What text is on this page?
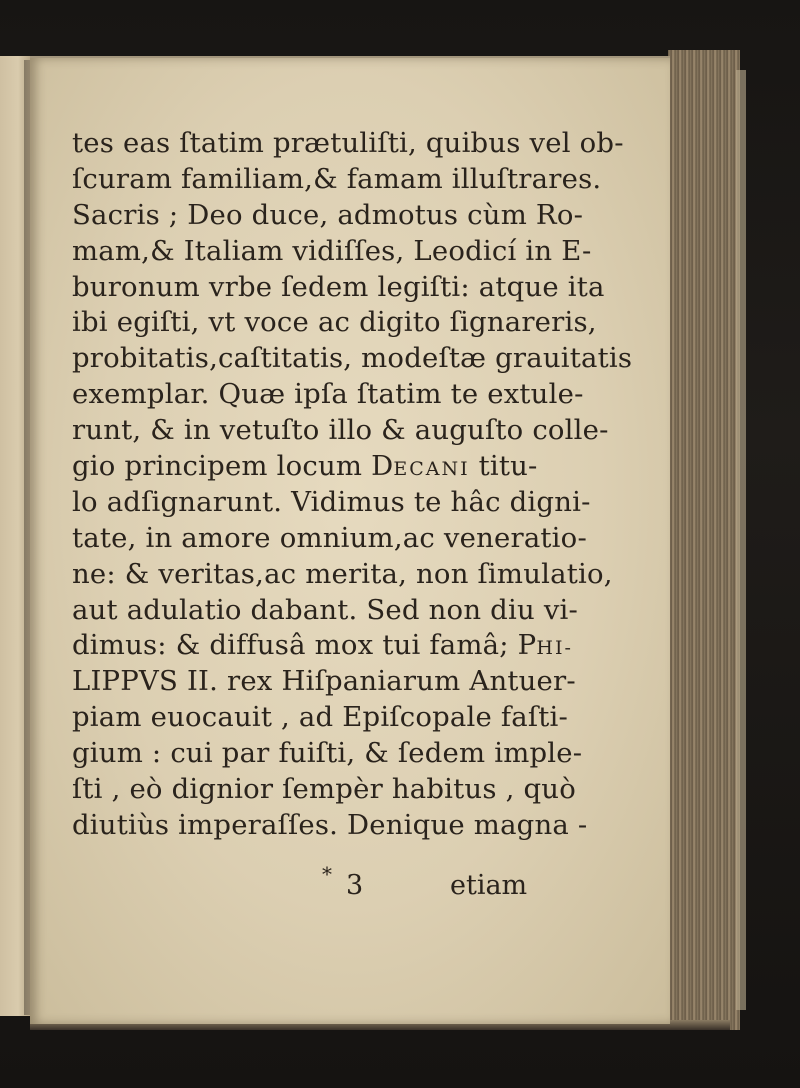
tes eas ſtatim prætuliſti, quibus vel ob-
ſcuram familiam,& famam illuſtrares.
Sacris ; Deo duce, admotus cùm Ro-
mam,& Italiam vidiſſes, Leodicí in E-
buronum vrbe ſedem legiſti: atque ita
ibi egiſti, vt voce ac digito ſignareris,
probitatis,caſtitatis, modeſtæ grauitatis
exemplar. Quæ ipſa ſtatim te extule-
runt, & in vetuſto illo & auguſto colle-
gio principem locum DECANI titu-
lo adſignarunt. Vidimus te hâc digni-
tate, in amore omnium,ac veneratio-
ne: & veritas,ac merita, non ſimulatio,
aut adulatio dabant. Sed non diu vi-
dimus: & diffusâ mox tui famâ; PHI-
LIPPVS II. rex Hiſpaniarum Antuer-
piam euocauit , ad Epiſcopale faſti-
gium : cui par fuiſti, & ſedem imple-
ſti , eò dignior ſempèr habitus , quò
diutiùs imperaſſes. Denique magna -
* 3	etiam
